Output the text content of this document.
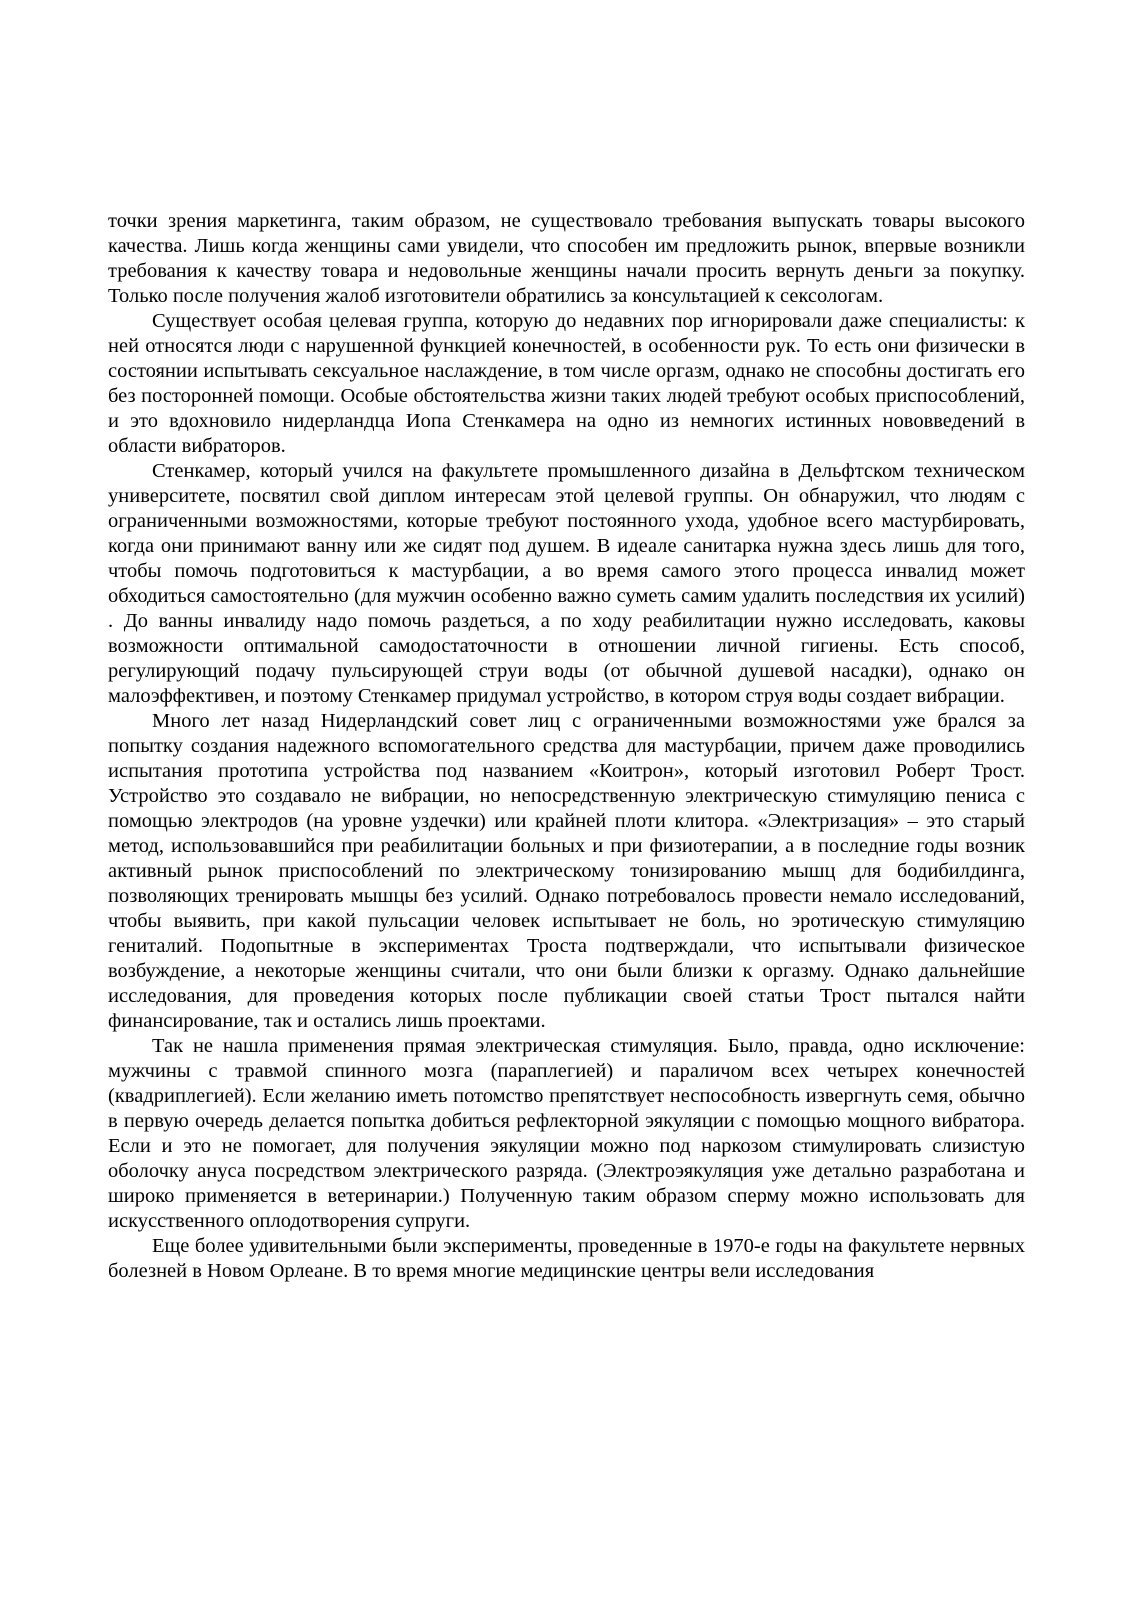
точки зрения маркетинга, таким образом, не существовало требования выпускать товары высокого качества. Лишь когда женщины сами увидели, что способен им предложить рынок, впервые возникли требования к качеству товара и недовольные женщины начали просить вернуть деньги за покупку. Только после получения жалоб изготовители обратились за консультацией к сексологам.

Существует особая целевая группа, которую до недавних пор игнорировали даже специалисты: к ней относятся люди с нарушенной функцией конечностей, в особенности рук. То есть они физически в состоянии испытывать сексуальное наслаждение, в том числе оргазм, однако не способны достигать его без посторонней помощи. Особые обстоятельства жизни таких людей требуют особых приспособлений, и это вдохновило нидерландца Иопа Стенкамера на одно из немногих истинных нововведений в области вибраторов.

Стенкамер, который учился на факультете промышленного дизайна в Дельфтском техническом университете, посвятил свой диплом интересам этой целевой группы. Он обнаружил, что людям с ограниченными возможностями, которые требуют постоянного ухода, удобное всего мастурбировать, когда они принимают ванну или же сидят под душем. В идеале санитарка нужна здесь лишь для того, чтобы помочь подготовиться к мастурбации, а во время самого этого процесса инвалид может обходиться самостоятельно (для мужчин особенно важно суметь самим удалить последствия их усилий) . До ванны инвалиду надо помочь раздеться, а по ходу реабилитации нужно исследовать, каковы возможности оптимальной самодостаточности в отношении личной гигиены. Есть способ, регулирующий подачу пульсирующей струи воды (от обычной душевой насадки), однако он малоэффективен, и поэтому Стенкамер придумал устройство, в котором струя воды создает вибрации.

Много лет назад Нидерландский совет лиц с ограниченными возможностями уже брался за попытку создания надежного вспомогательного средства для мастурбации, причем даже проводились испытания прототипа устройства под названием «Коитрон», который изготовил Роберт Трост. Устройство это создавало не вибрации, но непосредственную электрическую стимуляцию пениса с помощью электродов (на уровне уздечки) или крайней плоти клитора. «Электризация» – это старый метод, использовавшийся при реабилитации больных и при физиотерапии, а в последние годы возник активный рынок приспособлений по электрическому тонизированию мышц для бодибилдинга, позволяющих тренировать мышцы без усилий. Однако потребовалось провести немало исследований, чтобы выявить, при какой пульсации человек испытывает не боль, но эротическую стимуляцию гениталий. Подопытные в экспериментах Троста подтверждали, что испытывали физическое возбуждение, а некоторые женщины считали, что они были близки к оргазму. Однако дальнейшие исследования, для проведения которых после публикации своей статьи Трост пытался найти финансирование, так и остались лишь проектами.

Так не нашла применения прямая электрическая стимуляция. Было, правда, одно исключение: мужчины с травмой спинного мозга (параплегией) и параличом всех четырех конечностей (квадриплегией). Если желанию иметь потомство препятствует неспособность извергнуть семя, обычно в первую очередь делается попытка добиться рефлекторной эякуляции с помощью мощного вибратора. Если и это не помогает, для получения эякуляции можно под наркозом стимулировать слизистую оболочку ануса посредством электрического разряда. (Электроэякуляция уже детально разработана и широко применяется в ветеринарии.) Полученную таким образом сперму можно использовать для искусственного оплодотворения супруги.

Еще более удивительными были эксперименты, проведенные в 1970-е годы на факультете нервных болезней в Новом Орлеане. В то время многие медицинские центры вели исследования
